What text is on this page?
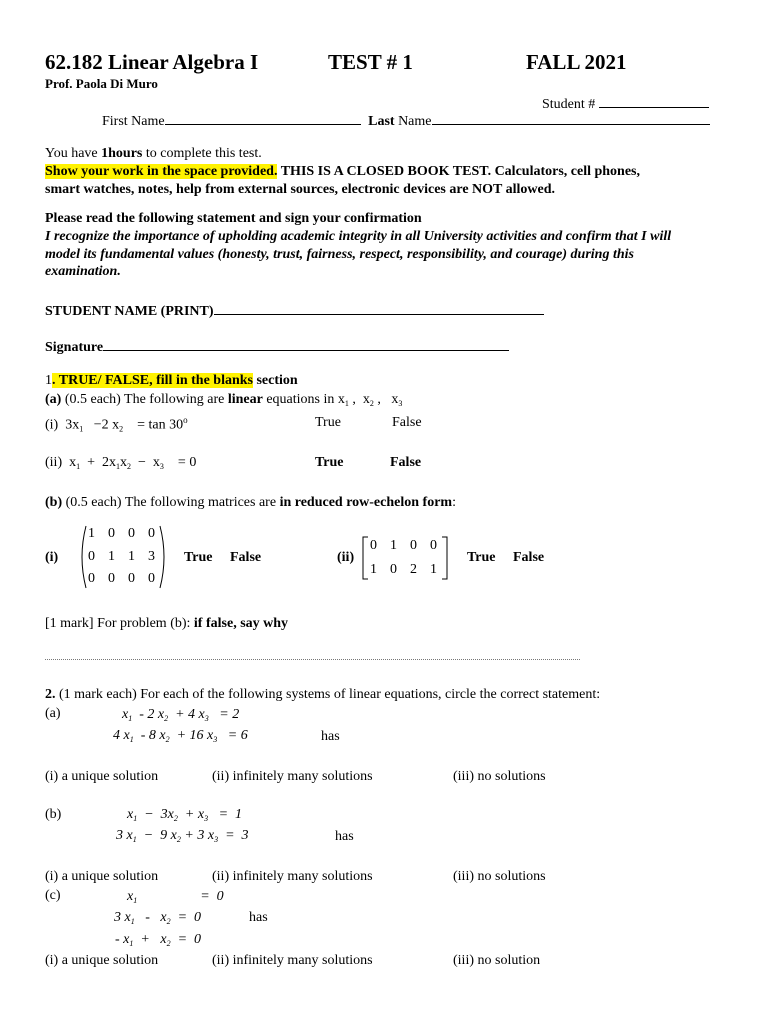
62.182 Linear Algebra I	TEST # 1	FALL 2021
Prof. Paola Di Muro
Student #
First Name	Last Name
You have 1hours to complete this test.
Show your work in the space provided. THIS IS A CLOSED BOOK TEST. Calculators, cell phones,
smart watches, notes, help from external sources, electronic devices are NOT allowed.
Please read the following statement and sign your confirmation
I recognize the importance of upholding academic integrity in all University activities and confirm that I will
model its fundamental values (honesty, trust, fairness, respect, responsibility, and courage) during this
examination.
STUDENT NAME (PRINT)
Signature
1. TRUE/ FALSE, fill in the blanks section
(a) (0.5 each) The following are linear equations in $x_1$ ,  $x_2$ ,   $x_3$
(i)  $3x_1 -2$ $x_2 = \tan 30^o$	True	False
(ii)  $x_1 + 2x_1x_2 - x_3 = 0$	True	False
(b) (0.5 each) The following matrices are in reduced row-echelon form:
(i)
1 0 0 0
0 1 1 3
0 0 0 0
True False	(ii)
0 1 0 0
1 0 2 1
True False
[1 mark] For problem (b): if false, say why
2. (1 mark each) For each of the following systems of linear equations, circle the correct statement:
(a)	$x_1 - 2$ $x_2 + 4$ $x_3 = 2$
4 $x_1 - 8$ $x_2 + 16$ $x_3 = 6$	has
(i) a unique solution	(ii) infinitely many solutions	(iii) no solutions
(b)	$x_1 - 3x_2 + x_3 = 1$
3 $x_1 - 9$ $x_2 + 3$ $x_3 = 3$	has
(i) a unique solution	(ii) infinitely many solutions	(iii) no solutions
(c)	$x_1$                  =  0
3 $x_1 - x_2 = 0$	has
- $x_1 + x_2 = 0$
(i) a unique solution	(ii) infinitely many solutions	(iii) no solution
